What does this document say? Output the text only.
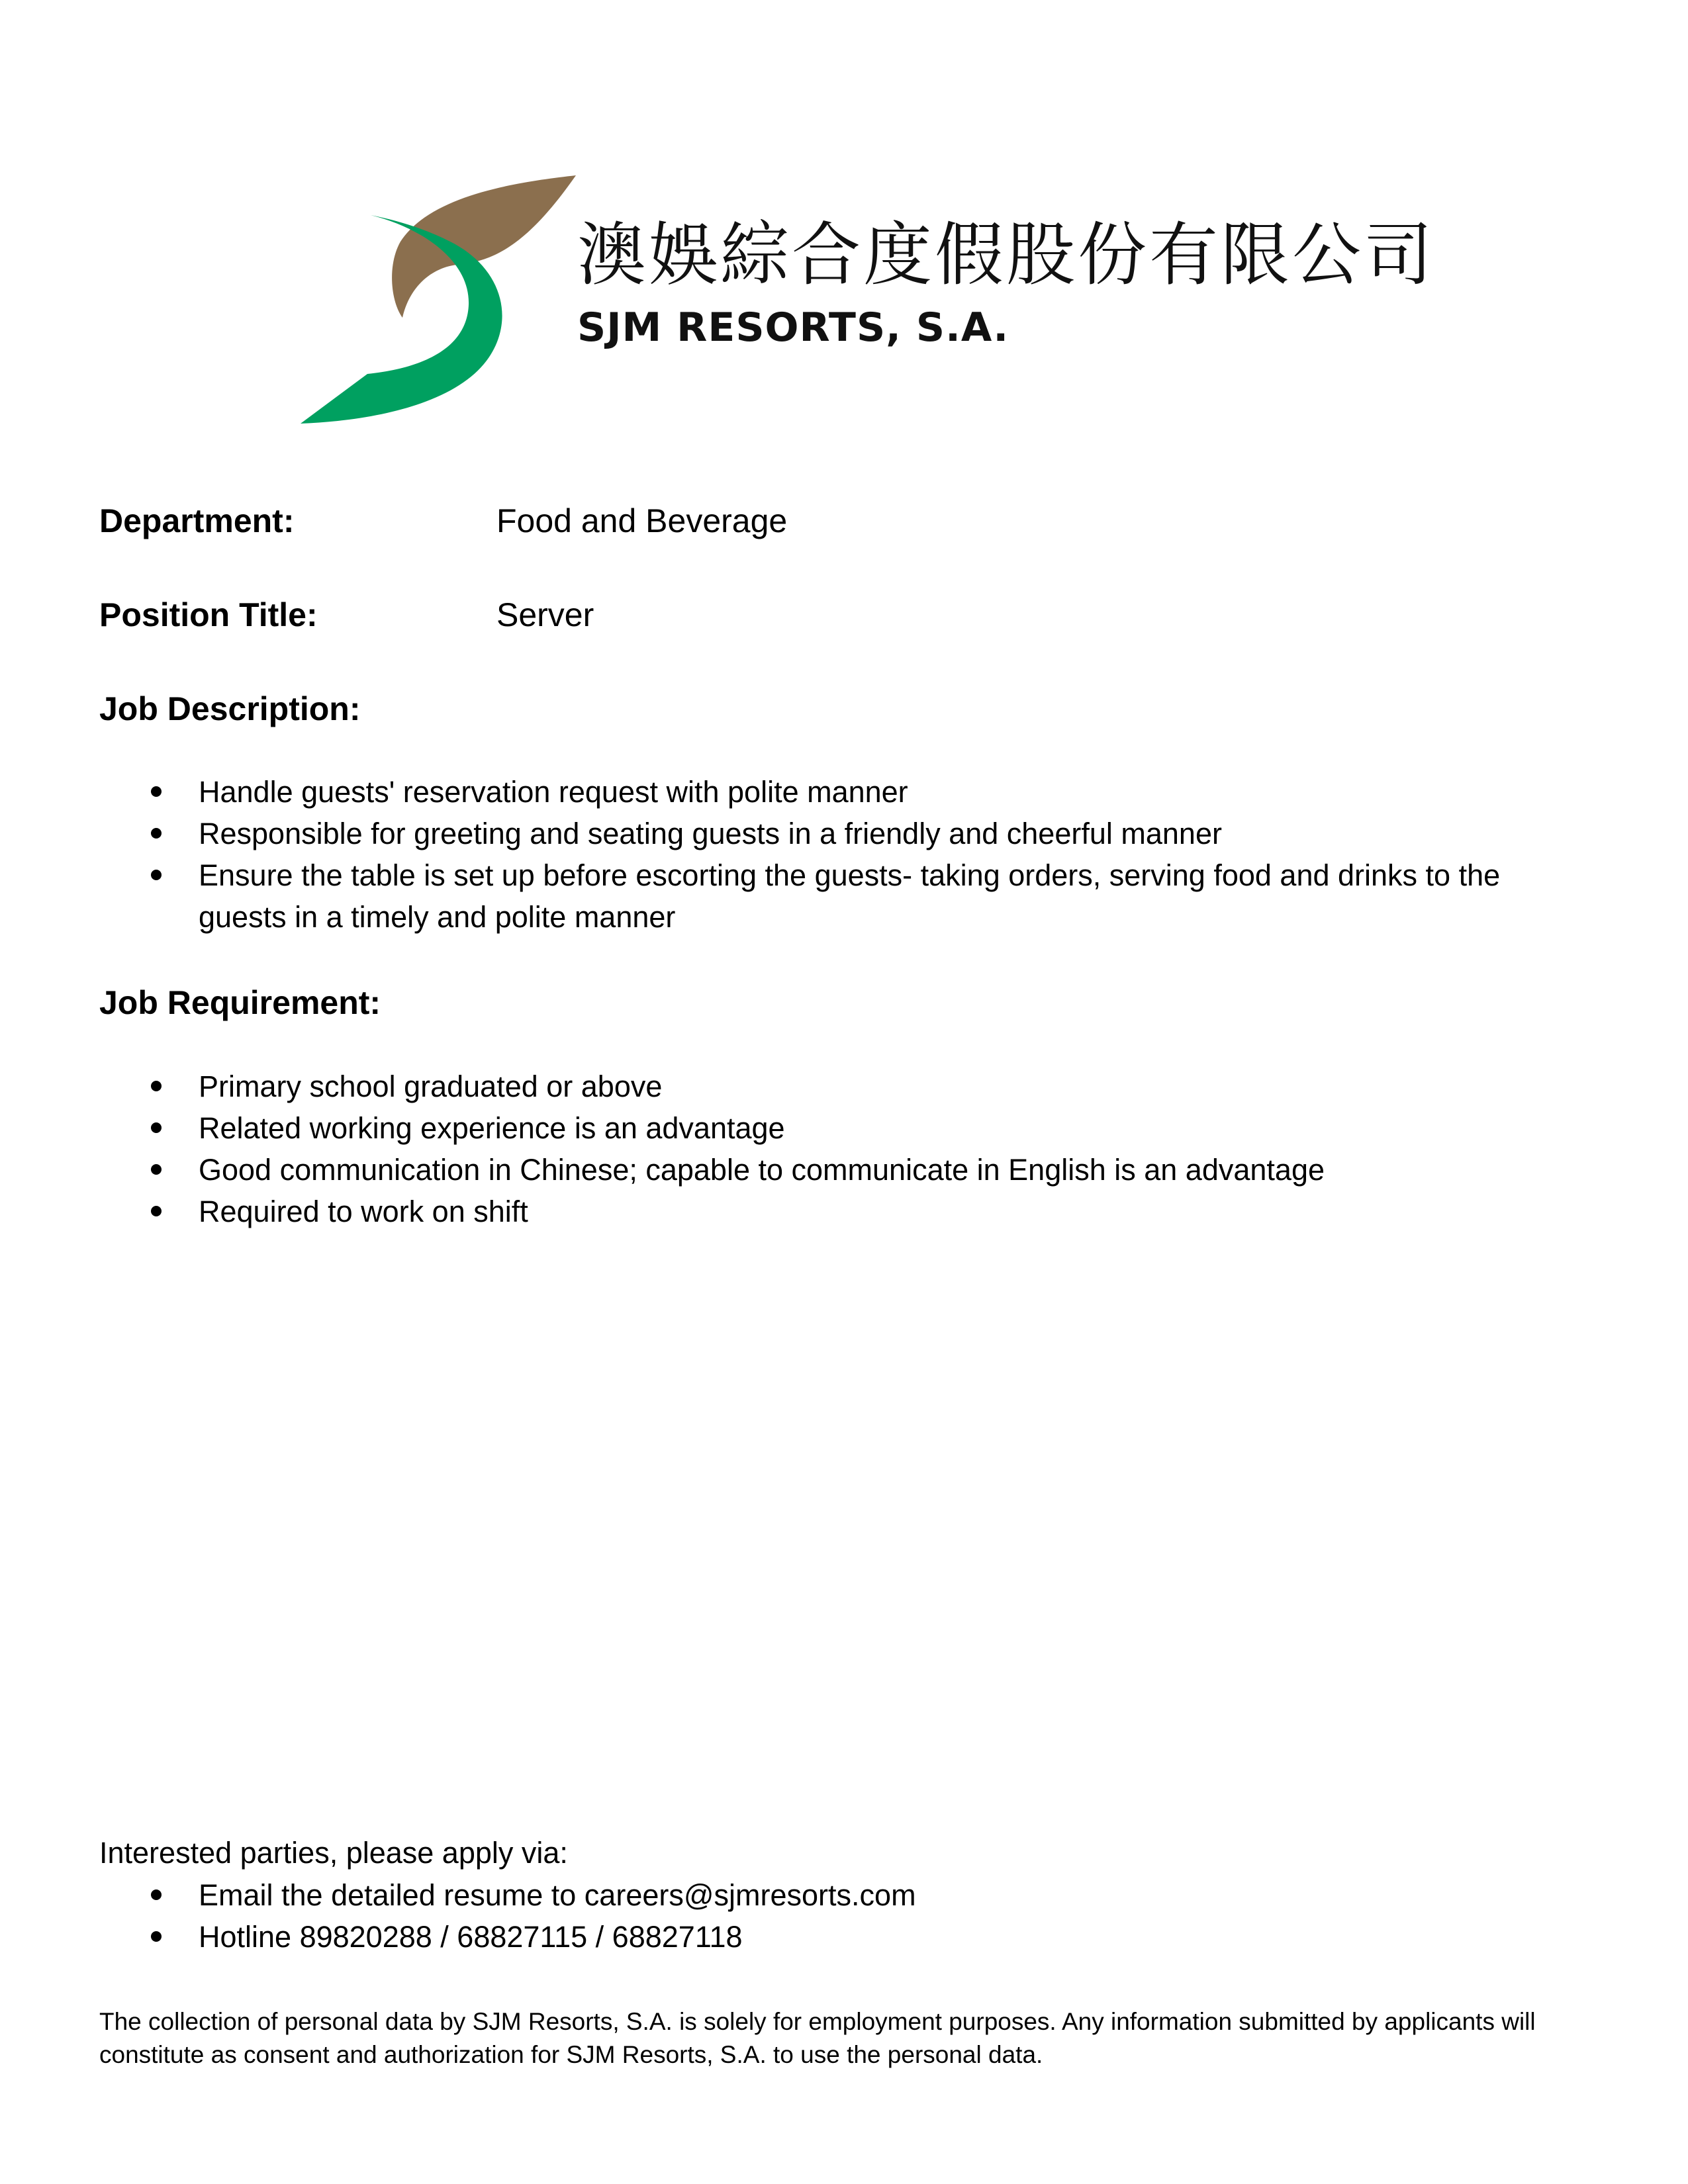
澳娛綜合度假股份有限公司
SJM RESORTS, S.A.
Department:	Food and Beverage
Position Title:	Server
Job Description:
Handle guests' reservation request with polite manner
Responsible for greeting and seating guests in a friendly and cheerful manner
Ensure the table is set up before escorting the guests- taking orders, serving food and drinks to the guests in a timely and polite manner
Job Requirement:
Primary school graduated or above
Related working experience is an advantage
Good communication in Chinese; capable to communicate in English is an advantage
Required to work on shift
Interested parties, please apply via:
Email the detailed resume to careers@sjmresorts.com
Hotline 89820288 / 68827115 / 68827118
The collection of personal data by SJM Resorts, S.A. is solely for employment purposes. Any information submitted by applicants will constitute as consent and authorization for SJM Resorts, S.A. to use the personal data.
